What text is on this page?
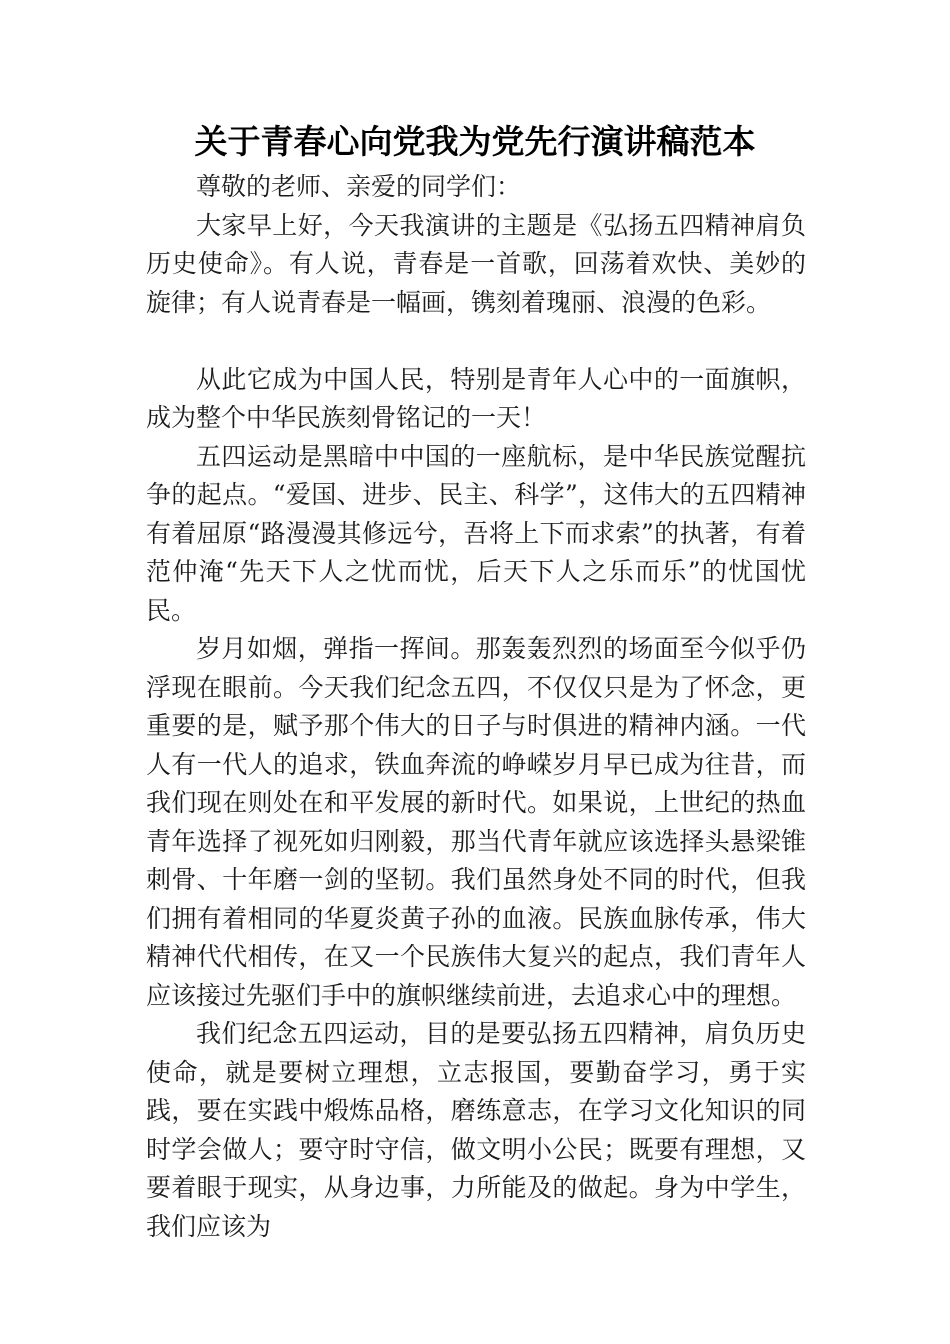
关于青春心向党我为党先行演讲稿范本

尊敬的老师、亲爱的同学们：

大家早上好，今天我演讲的主题是《弘扬五四精神肩负历史使命》。有人说，青春是一首歌，回荡着欢快、美妙的旋律；有人说青春是一幅画，镌刻着瑰丽、浪漫的色彩。

从此它成为中国人民，特别是青年人心中的一面旗帜，成为整个中华民族刻骨铭记的一天！

五四运动是黑暗中中国的一座航标，是中华民族觉醒抗争的起点。“爱国、进步、民主、科学”，这伟大的五四精神有着屈原“路漫漫其修远兮，吾将上下而求索”的执著，有着范仲淹“先天下人之忧而忧，后天下人之乐而乐”的忧国忧民。

岁月如烟，弹指一挥间。那轰轰烈烈的场面至今似乎仍浮现在眼前。今天我们纪念五四，不仅仅只是为了怀念，更重要的是，赋予那个伟大的日子与时俱进的精神内涵。一代人有一代人的追求，铁血奔流的峥嵘岁月早已成为往昔，而我们现在则处在和平发展的新时代。如果说，上世纪的热血青年选择了视死如归刚毅，那当代青年就应该选择头悬梁锥刺骨、十年磨一剑的坚韧。我们虽然身处不同的时代，但我们拥有着相同的华夏炎黄子孙的血液。民族血脉传承，伟大精神代代相传，在又一个民族伟大复兴的起点，我们青年人应该接过先驱们手中的旗帜继续前进，去追求心中的理想。

我们纪念五四运动，目的是要弘扬五四精神，肩负历史使命，就是要树立理想，立志报国，要勤奋学习，勇于实践，要在实践中煅炼品格，磨练意志，在学习文化知识的同时学会做人；要守时守信，做文明小公民；既要有理想，又要着眼于现实，从身边事，力所能及的做起。身为中学生，我们应该为
